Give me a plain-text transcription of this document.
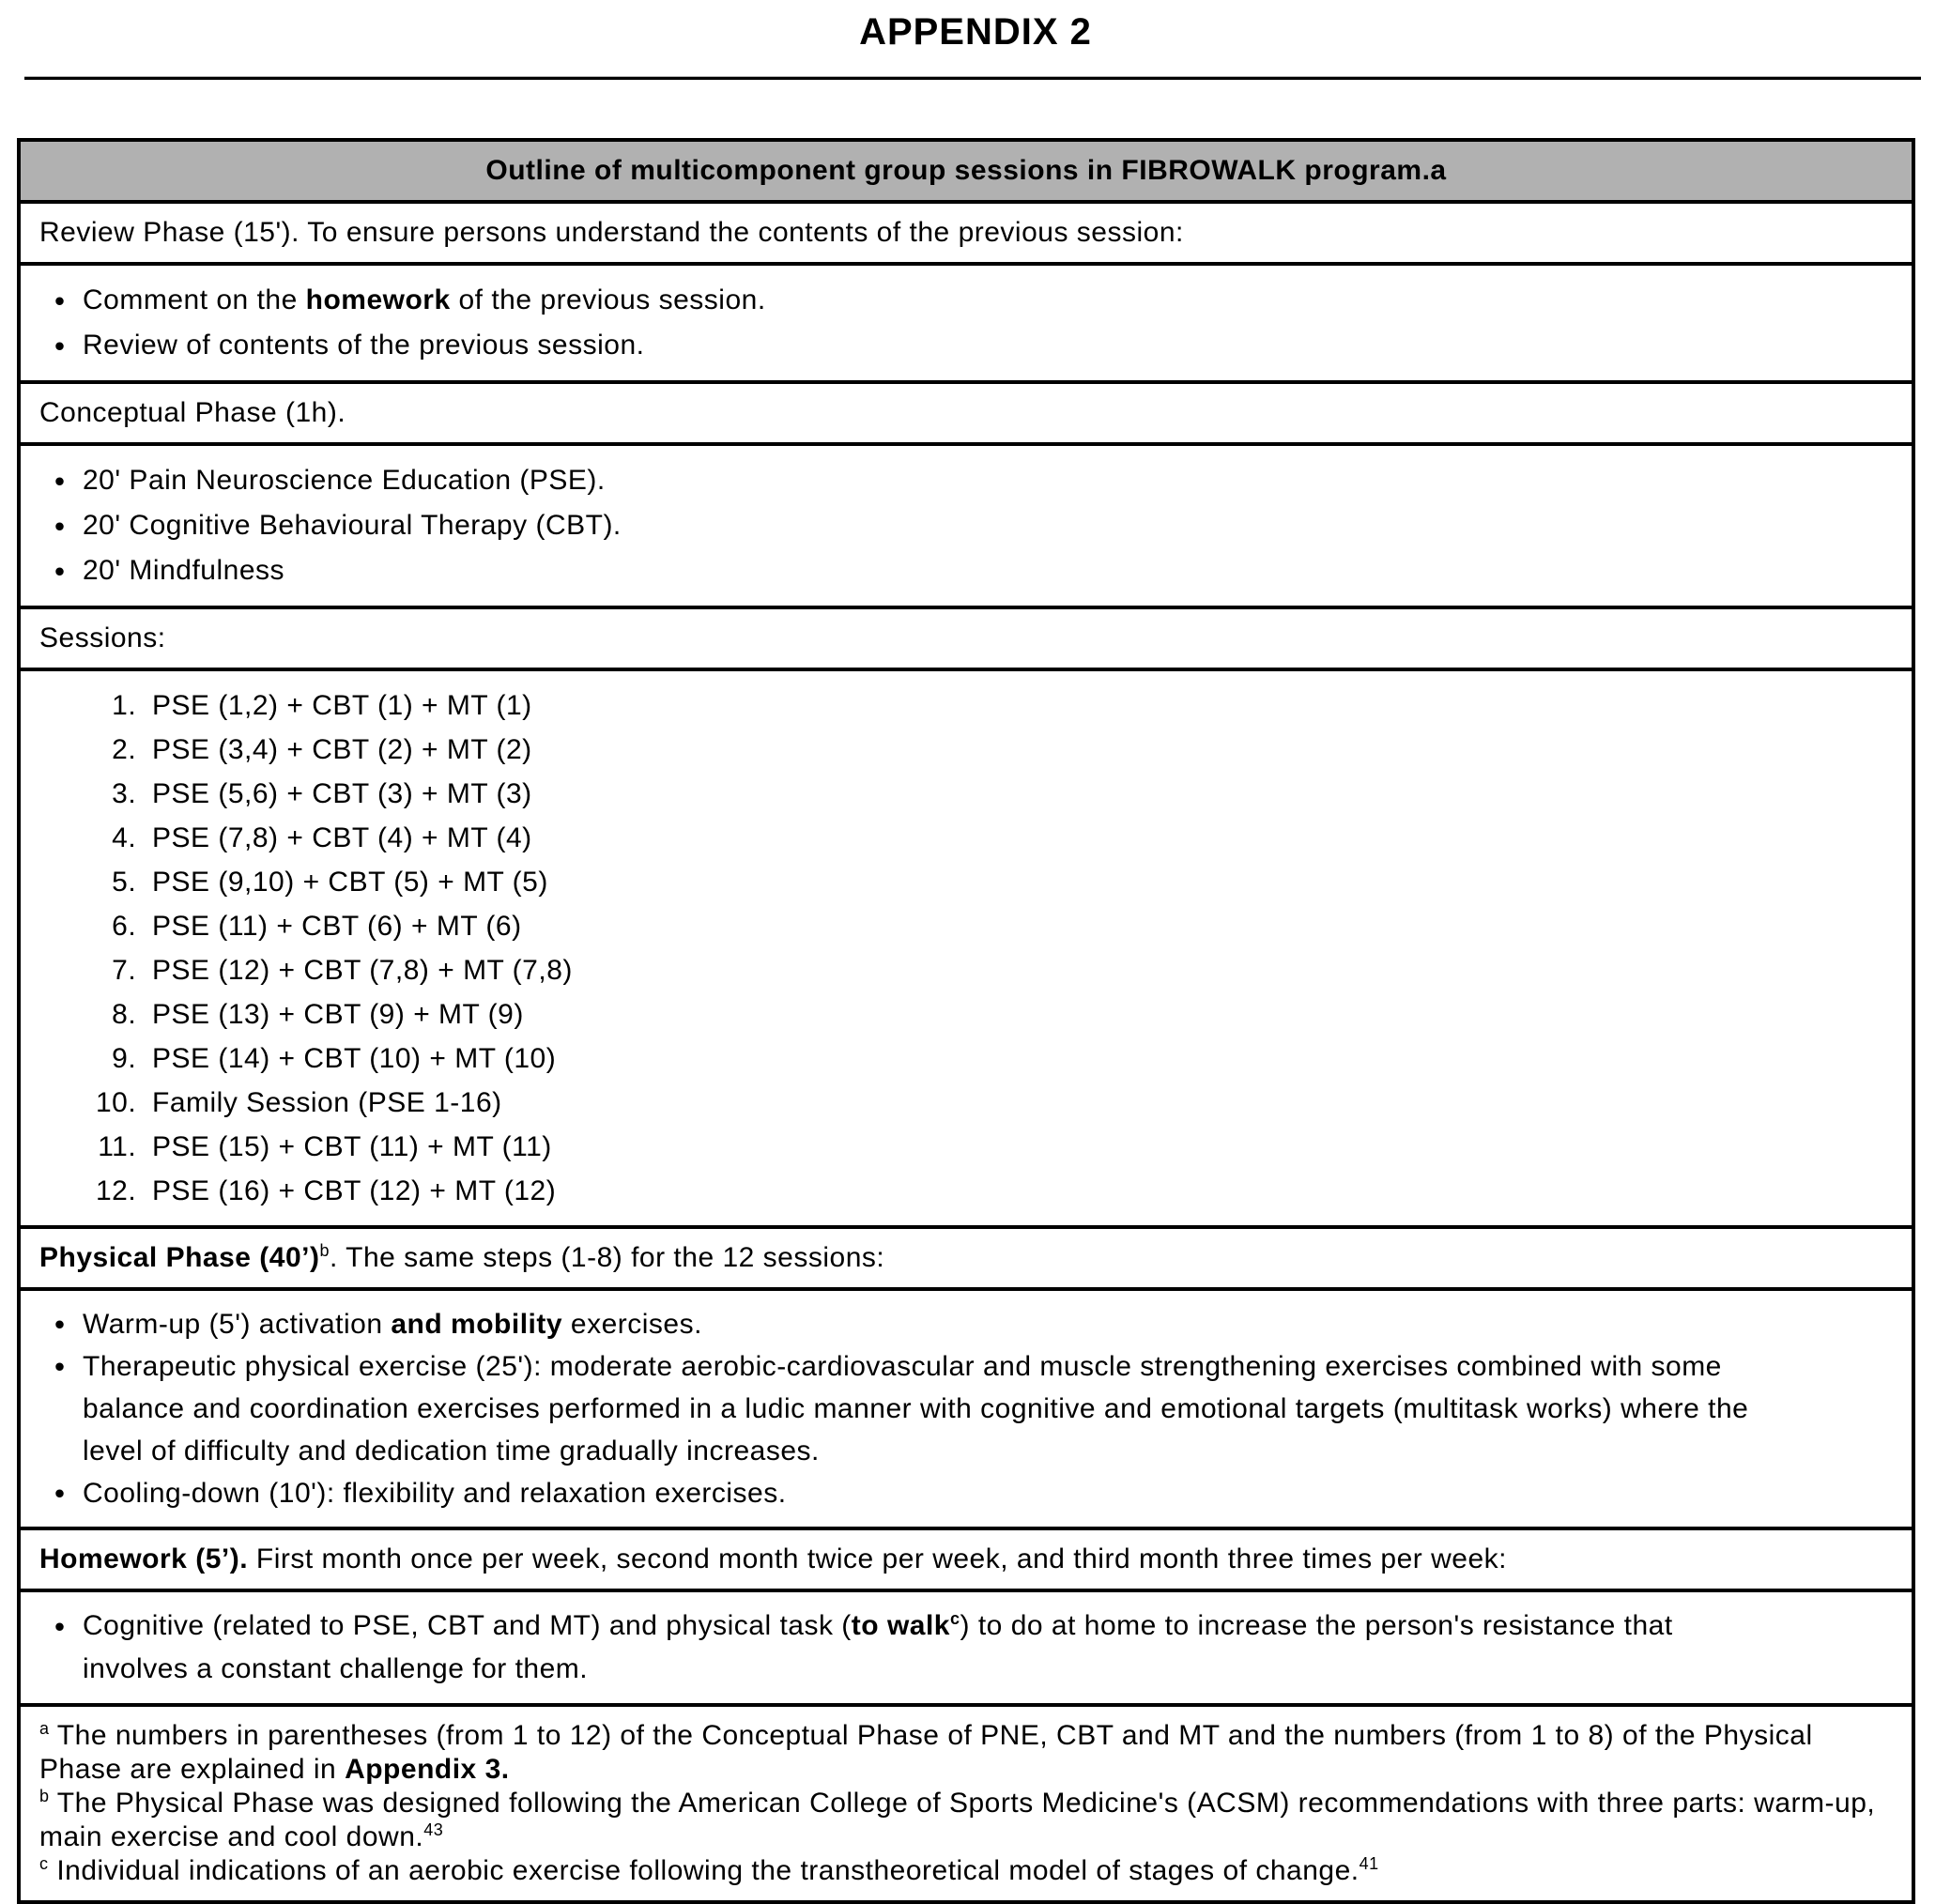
APPENDIX 2
Outline of multicomponent group sessions in FIBROWALK program.a
Review Phase (15'). To ensure persons understand the contents of the previous session:

• Comment on the homework of the previous session.
• Review of contents of the previous session.

Conceptual Phase (1h).

• 20' Pain Neuroscience Education (PSE).
• 20' Cognitive Behavioural Therapy (CBT).
• 20' Mindfulness

Sessions:

1. PSE (1,2) + CBT (1) + MT (1)
2. PSE (3,4) + CBT (2) + MT (2)
3. PSE (5,6) + CBT (3) + MT (3)
4. PSE (7,8) + CBT (4) + MT (4)
5. PSE (9,10) + CBT (5) + MT (5)
6. PSE (11) + CBT (6) + MT (6)
7. PSE (12) + CBT (7,8) + MT (7,8)
8. PSE (13) + CBT (9) + MT (9)
9. PSE (14) + CBT (10) + MT (10)
10. Family Session (PSE 1-16)
11. PSE (15) + CBT (11) + MT (11)
12. PSE (16) + CBT (12) + MT (12)

Physical Phase (40’)$^b$. The same steps (1-8) for the 12 sessions:

• Warm-up (5') activation and mobility exercises.
• Therapeutic physical exercise (25'): moderate aerobic-cardiovascular and muscle strengthening exercises combined with some balance and coordination exercises performed in a ludic manner with cognitive and emotional targets (multitask works) where the level of difficulty and dedication time gradually increases.
• Cooling-down (10'): flexibility and relaxation exercises.

Homework (5’). First month once per week, second month twice per week, and third month three times per week:

• Cognitive (related to PSE, CBT and MT) and physical task (to walk$^c$) to do at home to increase the person's resistance that involves a constant challenge for them.

$^a$ The numbers in parentheses (from 1 to 12) of the Conceptual Phase of PNE, CBT and MT and the numbers (from 1 to 8) of the Physical Phase are explained in Appendix 3.

$^b$ The Physical Phase was designed following the American College of Sports Medicine's (ACSM) recommendations with three parts: warm-up, main exercise and cool down.$^{43}$

$^c$ Individual indications of an aerobic exercise following the transtheoretical model of stages of change.$^{41}$
